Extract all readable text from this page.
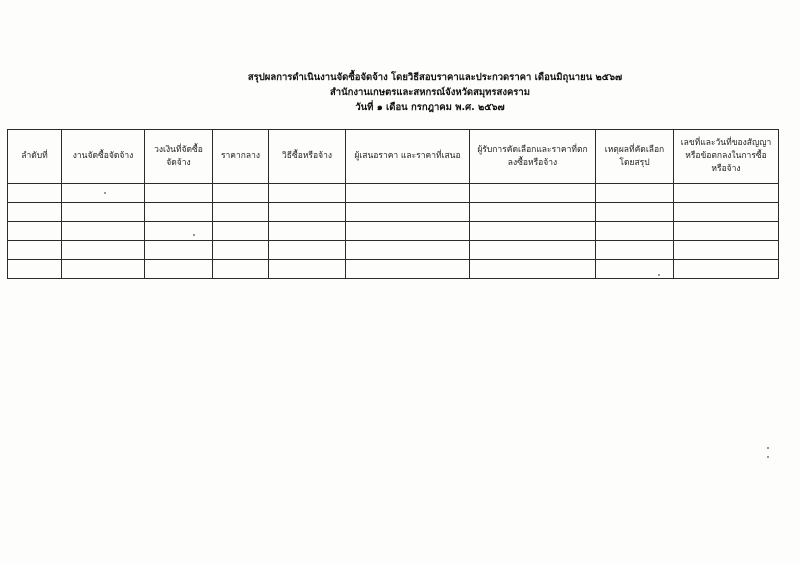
สรุปผลการดำเนินงานจัดซื้อจัดจ้าง โดยวิธีสอบราคาและประกวดราคา เดือนมิถุนายน ๒๕๖๗
สำนักงานเกษตรและสหกรณ์จังหวัดสมุทรสงคราม
วันที่ ๑ เดือน กรกฎาคม พ.ศ. ๒๕๖๗
ลำดับที่	งานจัดซื้อจัดจ้าง	วงเงินที่จัดซื้อ จัดจ้าง	ราคากลาง	วิธีซื้อหรือจ้าง	ผู้เสนอราคา และราคาที่เสนอ	ผู้รับการคัดเลือกและราคาที่ตก ลงซื้อหรือจ้าง	เหตุผลที่คัดเลือก โดยสรุป	เลขที่และวันที่ของสัญญา หรือข้อตกลงในการซื้อ หรือจ้าง
